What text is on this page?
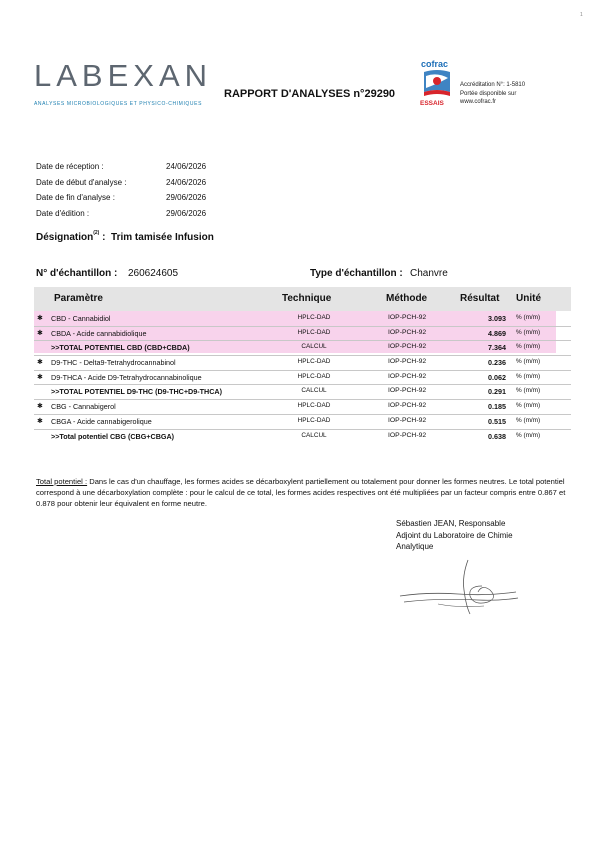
LABEXAN
ANALYSES MICROBIOLOGIQUES ET PHYSICO-CHIMIQUES
RAPPORT D'ANALYSES n°29290
cofrac
ESSAIS
Accréditation N°: 1-5810
Portée disponible sur
www.cofrac.fr
1
Date de réception :	24/06/2026
Date de début d'analyse :	24/06/2026
Date de fin d'analyse :	29/06/2026
Date d'édition :	29/06/2026
Désignation$^{(2)}$ :  Trim tamisée Infusion
N° d'échantillon : 260624605	Type d'échantillon : Chanvre
Paramètre	Technique	Méthode	Résultat Unité
✱ CBD - Cannabidiol	HPLC-DAD	IOP-PCH-92	3.093 % (m/m)
✱ CBDA - Acide cannabidiolique	HPLC-DAD	IOP-PCH-92	4.869 % (m/m)
>>TOTAL POTENTIEL CBD (CBD+CBDA)	CALCUL	IOP-PCH-92	7.364 % (m/m)
✱ D9-THC - Delta9-Tetrahydrocannabinol	HPLC-DAD	IOP-PCH-92	0.236 % (m/m)
✱ D9-THCA - Acide D9-Tetrahydrocannabinolique	HPLC-DAD	IOP-PCH-92	0.062 % (m/m)
>>TOTAL POTENTIEL D9-THC (D9-THC+D9-THCA)	CALCUL	IOP-PCH-92	0.291 % (m/m)
✱ CBG - Cannabigerol	HPLC-DAD	IOP-PCH-92	0.185 % (m/m)
✱ CBGA - Acide cannabigerolique	HPLC-DAD	IOP-PCH-92	0.515 % (m/m)
>>Total potentiel CBG (CBG+CBGA)	CALCUL	IOP-PCH-92	0.638 % (m/m)
Total potentiel : Dans le cas d'un chauffage, les formes acides se décarboxylent partiellement ou totalement pour donner les formes neutres. Le total potentiel correspond à une décarboxylation complète : pour le calcul de ce total, les formes acides respectives ont été multipliées par un facteur compris entre 0.867 et 0.878 pour obtenir leur équivalent en forme neutre.
Sébastien JEAN, Responsable
Adjoint du Laboratoire de Chimie
Analytique
